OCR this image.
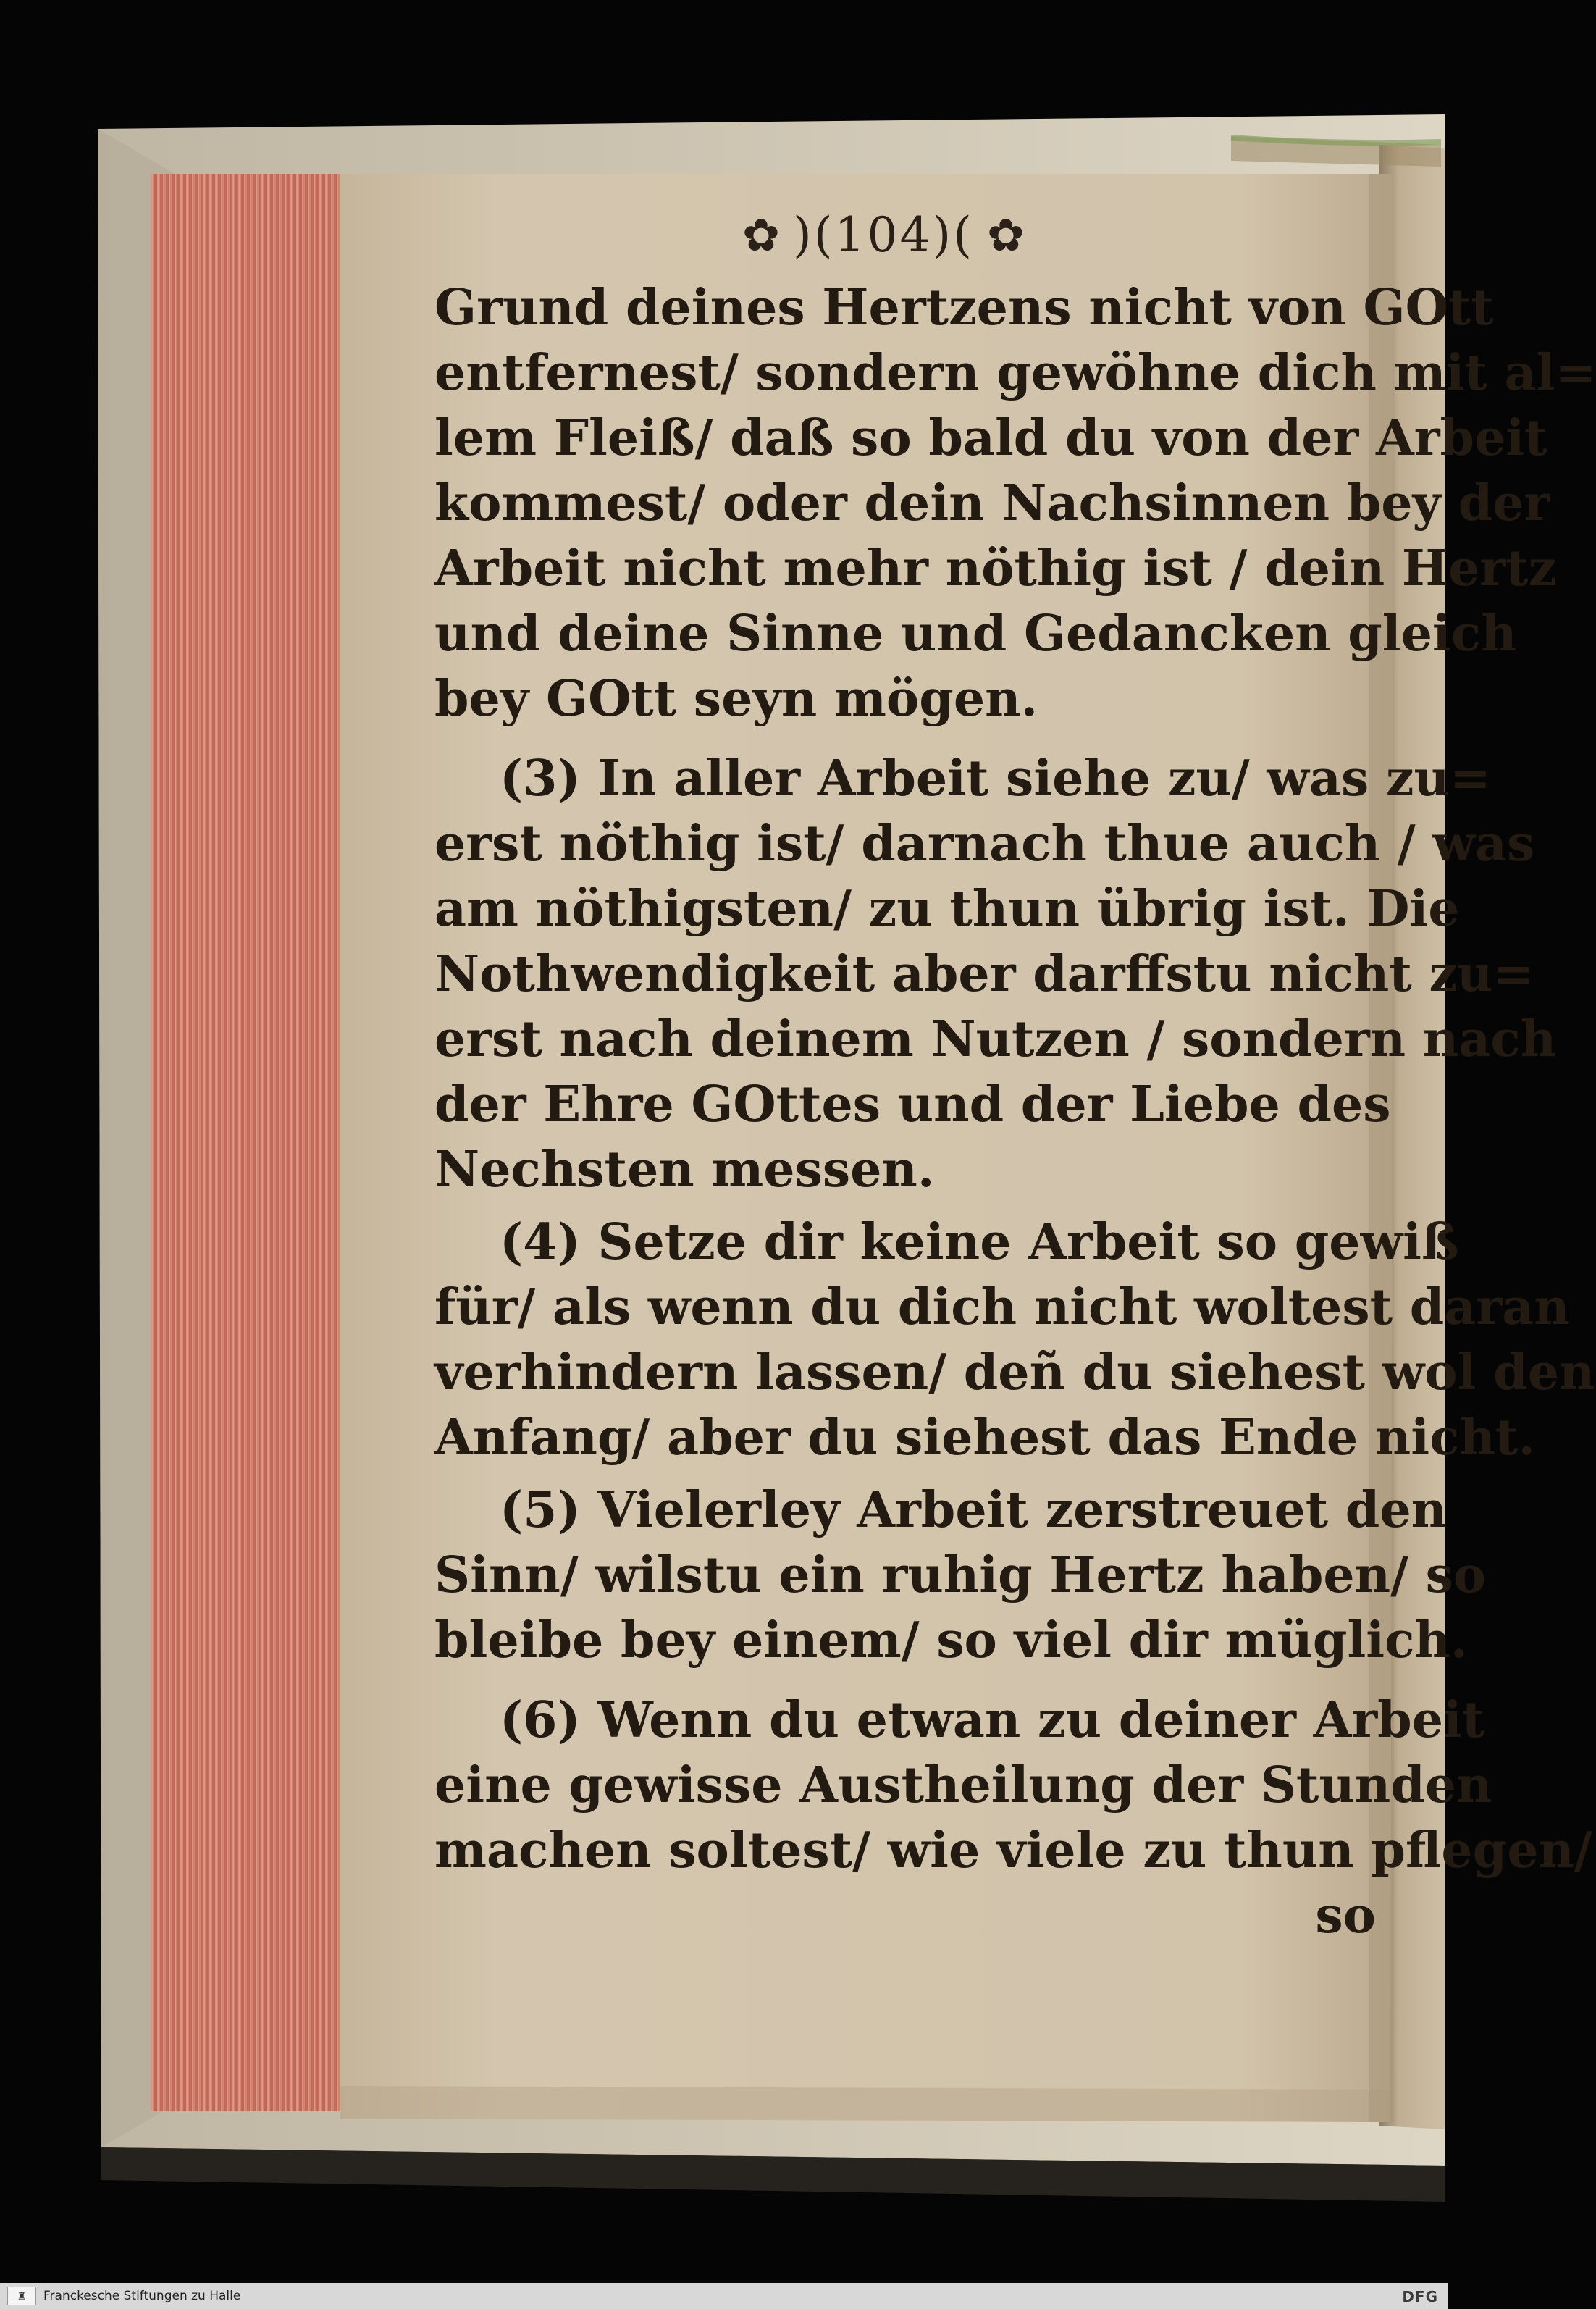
✿ )(104)( ✿
Grund deines Hertzens nicht von GOtt
entfernest/ sondern gewöhne dich mit al=
lem Fleiß/ daß so bald du von der Arbeit
kommest/ oder dein Nachsinnen bey der
Arbeit nicht mehr nöthig ist / dein Hertz
und deine Sinne und Gedancken gleich
bey GOtt seyn mögen.
(3) In aller Arbeit siehe zu/ was zu=
erst nöthig ist/ darnach thue auch / was
am nöthigsten/ zu thun übrig ist. Die
Nothwendigkeit aber darffstu nicht zu=
erst nach deinem Nutzen / sondern nach
der Ehre GOttes und der Liebe des
Nechsten messen.
(4) Setze dir keine Arbeit so gewiß
für/ als wenn du dich nicht woltest daran
verhindern lassen/ deñ du siehest wol den
Anfang/ aber du siehest das Ende nicht.
(5) Vielerley Arbeit zerstreuet den
Sinn/ wilstu ein ruhig Hertz haben/ so
bleibe bey einem/ so viel dir müglich.
(6) Wenn du etwan zu deiner Arbeit
eine gewisse Austheilung der Stunden
machen soltest/ wie viele zu thun pflegen/
so
♜ Franckesche Stiftungen zu Halle	DFG
